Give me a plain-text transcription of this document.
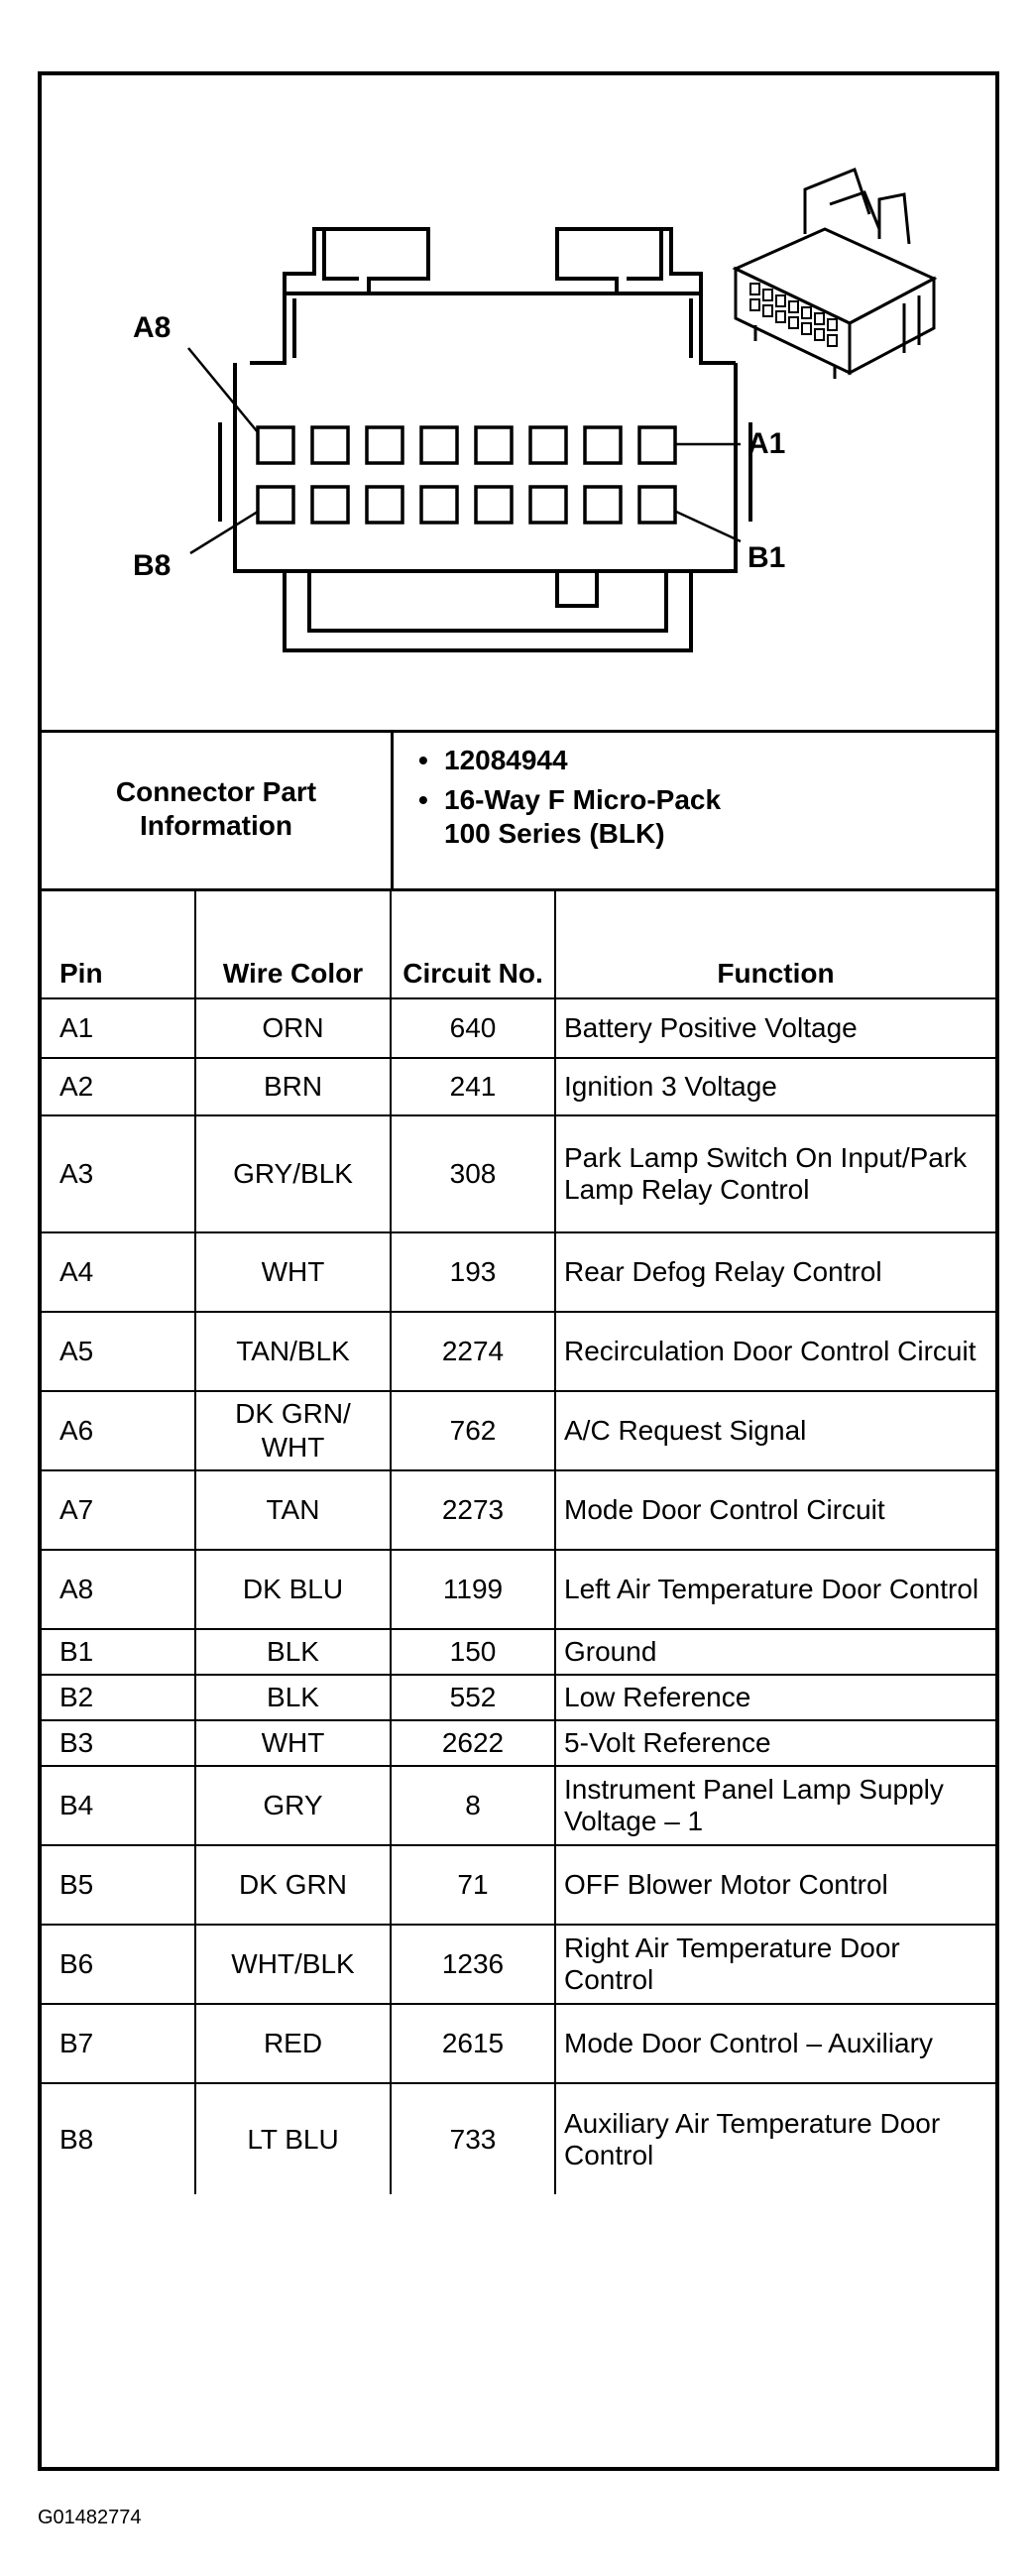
A8
A1
B8	B1
Connector Part Information
• 12084944
• 16-Way F Micro-Pack 100 Series (BLK)
Pin	Wire Color	Circuit No.	Function
A1	ORN	640	Battery Positive Voltage
A2	BRN	241	Ignition 3 Voltage
A3	GRY/BLK	308	Park Lamp Switch On Input/Park Lamp Relay Control
A4	WHT	193	Rear Defog Relay Control
A5	TAN/BLK	2274	Recirculation Door Control Circuit
A6	DK GRN/ WHT	762	A/C Request Signal
A7	TAN	2273	Mode Door Control Circuit
A8	DK BLU	1199	Left Air Temperature Door Control
B1	BLK	150	Ground
B2	BLK	552	Low Reference
B3	WHT	2622	5-Volt Reference
B4	GRY	8	Instrument Panel Lamp Supply Voltage – 1
B5	DK GRN	71	OFF Blower Motor Control
B6	WHT/BLK	1236	Right Air Temperature Door Control
B7	RED	2615	Mode Door Control – Auxiliary
B8	LT BLU	733	Auxiliary Air Temperature Door Control
G01482774
